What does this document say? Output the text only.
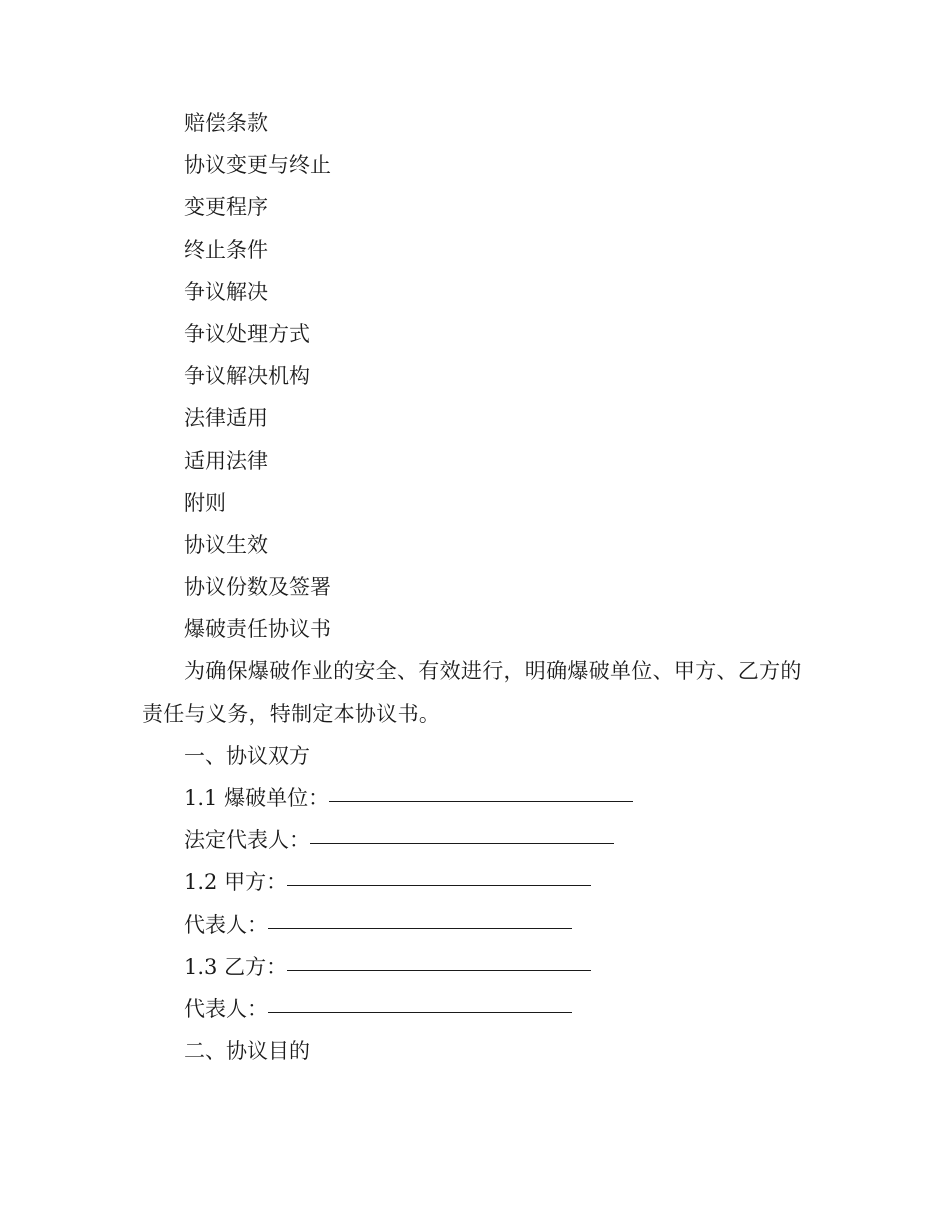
赔偿条款
协议变更与终止
变更程序
终止条件
争议解决
争议处理方式
争议解决机构
法律适用
适用法律
附则
协议生效
协议份数及签署
爆破责任协议书
为确保爆破作业的安全、有效进行，明确爆破单位、甲方、乙方的责任与义务，特制定本协议书。
一、协议双方
1.1 爆破单位：
法定代表人：
1.2 甲方：
代表人：
1.3 乙方：
代表人：
二、协议目的
